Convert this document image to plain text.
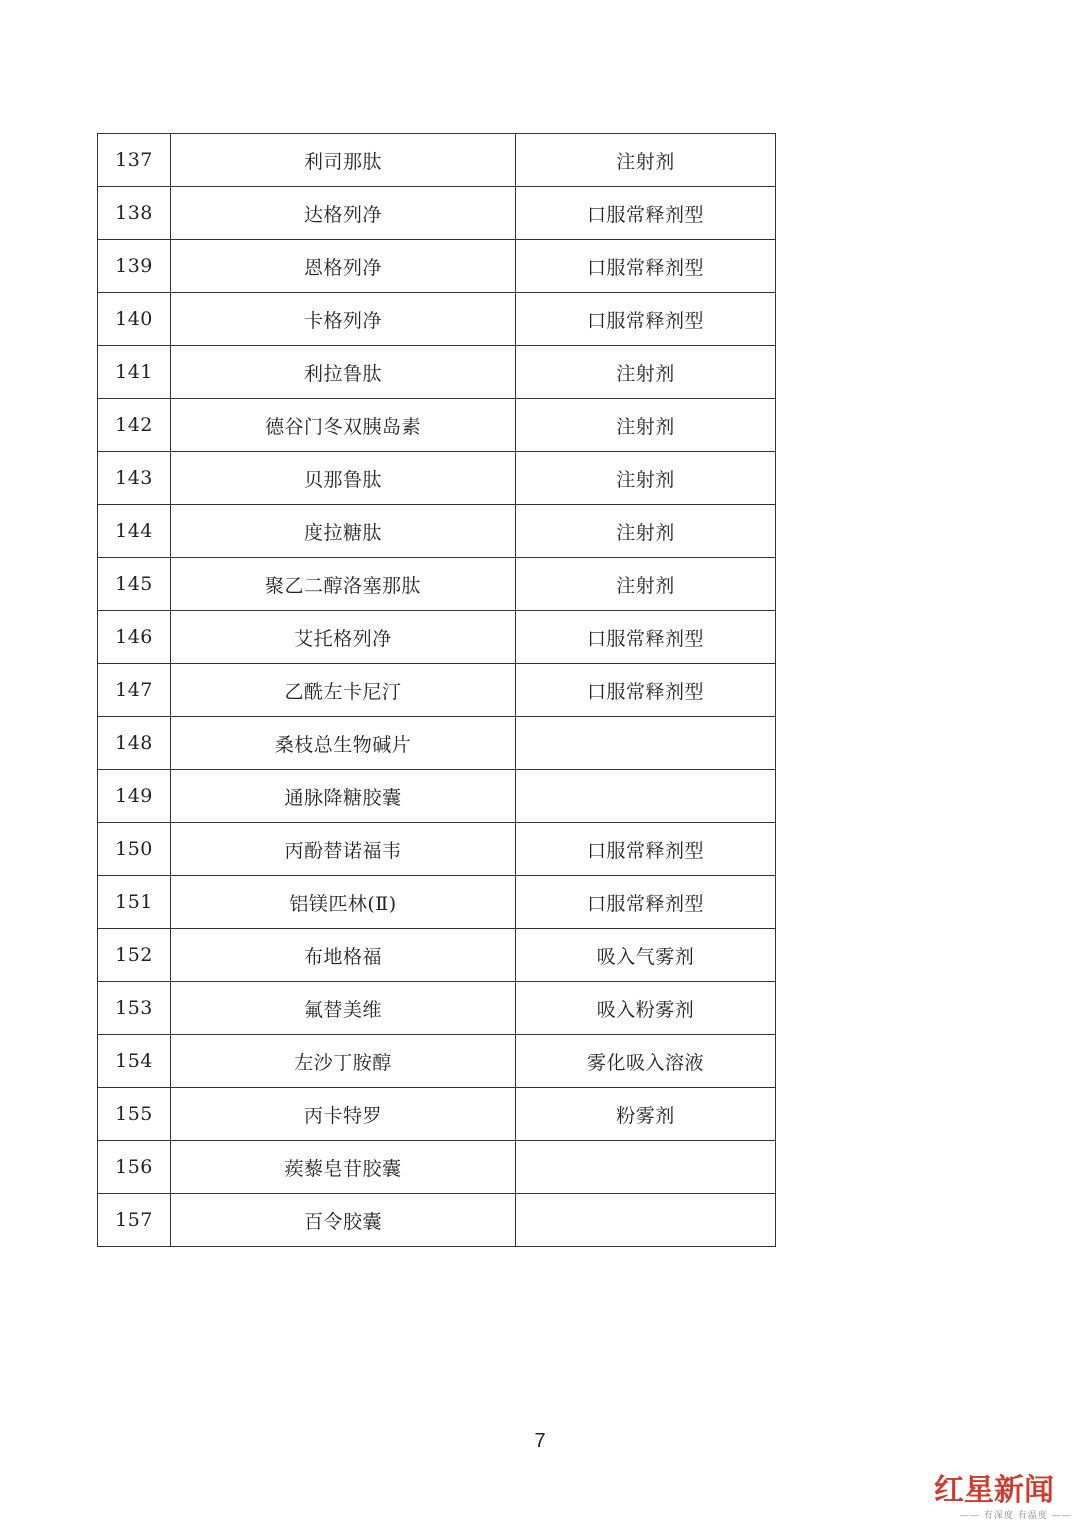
137	利司那肽	注射剂
138	达格列净	口服常释剂型
139	恩格列净	口服常释剂型
140	卡格列净	口服常释剂型
141	利拉鲁肽	注射剂
142	德谷门冬双胰岛素	注射剂
143	贝那鲁肽	注射剂
144	度拉糖肽	注射剂
145	聚乙二醇洛塞那肽	注射剂
146	艾托格列净	口服常释剂型
147	乙酰左卡尼汀	口服常释剂型
148	桑枝总生物碱片	
149	通脉降糖胶囊	
150	丙酚替诺福韦	口服常释剂型
151	铝镁匹林(Ⅱ)	口服常释剂型
152	布地格福	吸入气雾剂
153	氟替美维	吸入粉雾剂
154	左沙丁胺醇	雾化吸入溶液
155	丙卡特罗	粉雾剂
156	蒺藜皂苷胶囊	
157	百令胶囊	
7
红星新闻
—— 有深度 有温度 ——
